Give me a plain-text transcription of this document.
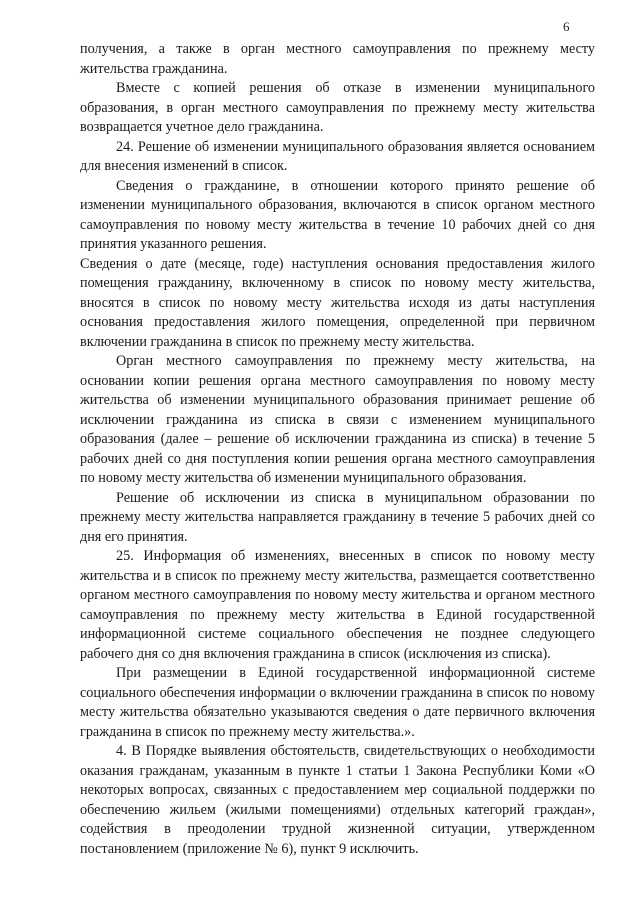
6

получения, а также в орган местного самоуправления по прежнему месту жительства гражданина.

Вместе с копией решения об отказе в изменении муниципального образования, в орган местного самоуправления по прежнему месту жительства возвращается учетное дело гражданина.

24. Решение об изменении муниципального образования является основанием для внесения изменений в список.

Сведения о гражданине, в отношении которого принято решение об изменении муниципального образования, включаются в список органом местного самоуправления по новому месту жительства в течение 10 рабочих дней со дня принятия указанного решения.

Сведения о дате (месяце, годе) наступления основания предоставления жилого помещения гражданину, включенному в список по новому месту жительства, вносятся в список по новому месту жительства исходя из даты наступления основания предоставления жилого помещения, определенной при первичном включении гражданина в список по прежнему месту жительства.

Орган местного самоуправления по прежнему месту жительства, на основании копии решения органа местного самоуправления по новому месту жительства об изменении муниципального образования принимает решение об исключении гражданина из списка в связи с изменением муниципального образования (далее – решение об исключении гражданина из списка) в течение 5 рабочих дней со дня поступления копии решения органа местного самоуправления по новому месту жительства об изменении муниципального образования.

Решение об исключении из списка в муниципальном образовании по прежнему месту жительства направляется гражданину в течение 5 рабочих дней со дня его принятия.

25. Информация об изменениях, внесенных в список по новому месту жительства и в список по прежнему месту жительства, размещается соответственно органом местного самоуправления по новому месту жительства и органом местного самоуправления по прежнему месту жительства в Единой государственной информационной системе социального обеспечения не позднее следующего рабочего дня со дня включения гражданина в список (исключения из списка).

При размещении в Единой государственной информационной системе социального обеспечения информации о включении гражданина в список по новому месту жительства обязательно указываются сведения о дате первичного включения гражданина в список по прежнему месту жительства.».

4. В Порядке выявления обстоятельств, свидетельствующих о необходимости оказания гражданам, указанным в пункте 1 статьи 1 Закона Республики Коми «О некоторых вопросах, связанных с предоставлением мер социальной поддержки по обеспечению жильем (жилыми помещениями) отдельных категорий граждан», содействия в преодолении трудной жизненной ситуации, утвержденном постановлением (приложение № 6), пункт 9 исключить.
